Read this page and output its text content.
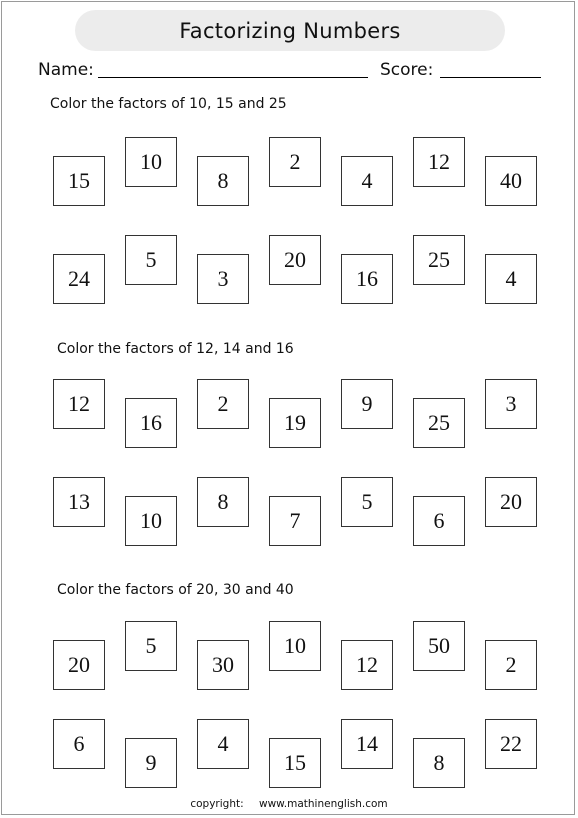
Factorizing Numbers
Name:	Score:
Color the factors of 10, 15 and 25
15
10
8
2
4
12
40
24
5
3
20
16
25
4
Color the factors of 12, 14 and 16
12
16
2
19
9
25
3
13
10
8
7
5
6
20
Color the factors of 20, 30 and 40
20
5
30
10
12
50
2
6
9
4
15
14
8
22
copyright: www.mathinenglish.com
